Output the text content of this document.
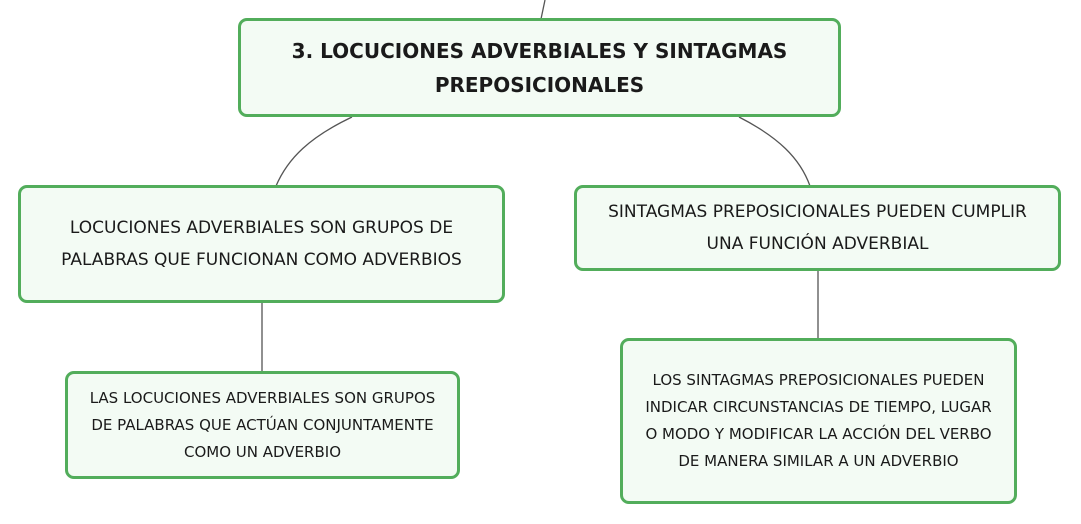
3. LOCUCIONES ADVERBIALES Y SINTAGMAS PREPOSICIONALES
LOCUCIONES ADVERBIALES SON GRUPOS DE PALABRAS QUE FUNCIONAN COMO ADVERBIOS
SINTAGMAS PREPOSICIONALES PUEDEN CUMPLIR UNA FUNCIÓN ADVERBIAL
LAS LOCUCIONES ADVERBIALES SON GRUPOS DE PALABRAS QUE ACTÚAN CONJUNTAMENTE COMO UN ADVERBIO
LOS SINTAGMAS PREPOSICIONALES PUEDEN INDICAR CIRCUNSTANCIAS DE TIEMPO, LUGAR O MODO Y MODIFICAR LA ACCIÓN DEL VERBO DE MANERA SIMILAR A UN ADVERBIO
